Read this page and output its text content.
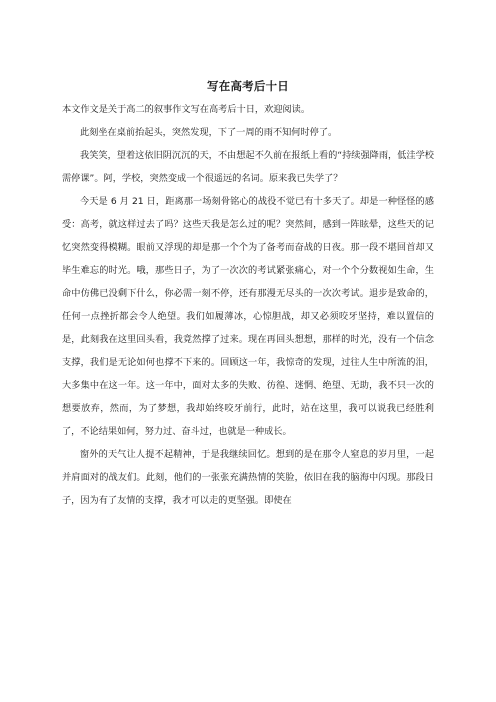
写在高考后十日

本文作文是关于高二的叙事作文写在高考后十日，欢迎阅读。

此刻坐在桌前抬起头，突然发现，下了一周的雨不知何时停了。

我笑笑，望着这依旧阴沉沉的天，不由想起不久前在报纸上看的“持续强降雨，低洼学校需停课”。阿，学校，突然变成一个很遥远的名词。原来我已失学了？

今天是 6 月 21 日，距离那一场刻骨铭心的战役不觉已有十多天了。却是一种怪怪的感受：高考，就这样过去了吗？这些天我是怎么过的呢？突然间，感到一阵眩晕，这些天的记忆突然变得模糊。眼前又浮现的却是那一个个为了备考而奋战的日夜。那一段不堪回首却又毕生难忘的时光。哦，那些日子，为了一次次的考试紧张痛心，对一个个分数视如生命，生命中仿佛已没剩下什么，你必需一刻不停，还有那漫无尽头的一次次考试。退步是致命的，任何一点挫折都会令人绝望。我们如履薄冰，心惊胆战，却又必须咬牙坚持，难以置信的是，此刻我在这里回头看，我竟然撑了过来。现在再回头想想，那样的时光，没有一个信念支撑，我们是无论如何也撑不下来的。回顾这一年，我惊奇的发现，过往人生中所流的泪，大多集中在这一年。这一年中，面对太多的失败、彷徨、迷惘、绝望、无助，我不只一次的想要放弃，然而，为了梦想，我却始终咬牙前行，此时，站在这里，我可以说我已经胜利了，不论结果如何，努力过、奋斗过，也就是一种成长。

窗外的天气让人提不起精神，于是我继续回忆。想到的是在那令人窒息的岁月里，一起并肩面对的战友们。此刻，他们的一张张充满热情的笑脸，依旧在我的脑海中闪现。那段日子，因为有了友情的支撑，我才可以走的更坚强。即使在
